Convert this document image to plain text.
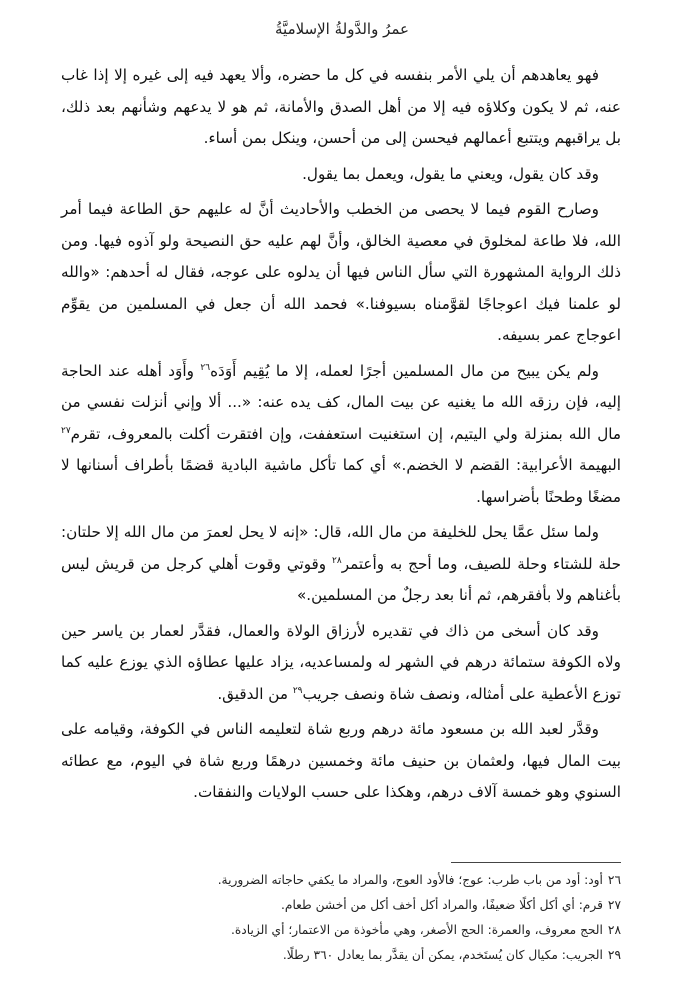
عمرُ والدَّولةُ الإسلاميَّةُ

فهو يعاهدهم أن يلي الأمر بنفسه في كل ما حضره، وألا يعهد فيه إلى غيره إلا إذا غاب عنه، ثم لا يكون وكلاؤه فيه إلا من أهل الصدق والأمانة، ثم هو لا يدعهم وشأنهم بعد ذلك، بل يراقبهم ويتتبع أعمالهم فيحسن إلى من أحسن، وينكل بمن أساء.

وقد كان يقول، ويعني ما يقول، ويعمل بما يقول.

وصارح القوم فيما لا يحصى من الخطب والأحاديث أنَّ له عليهم حق الطاعة فيما أمر الله، فلا طاعة لمخلوق في معصية الخالق، وأنَّ لهم عليه حق النصيحة ولو آذوه فيها. ومن ذلك الرواية المشهورة التي سأل الناس فيها أن يدلوه على عوجه، فقال له أحدهم: «والله لو علمنا فيك اعوجاجًا لقوَّمناه بسيوفنا.» فحمد الله أن جعل في المسلمين من يقوِّم اعوجاج عمر بسيفه.

ولم يكن يبيح من مال المسلمين أجرًا لعمله، إلا ما يُقِيم أَوَدَه$^{٢٦}$ وأَوَد أهله عند الحاجة إليه، فإن رزقه الله ما يغنيه عن بيت المال، كف يده عنه: «... ألا وإني أنزلت نفسي من مال الله بمنزلة ولي اليتيم، إن استغنيت استعففت، وإن افتقرت أكلت بالمعروف، تقرم$^{٢٧}$ البهيمة الأعرابية: القضم لا الخضم.» أي كما تأكل ماشية البادية قضمًا بأطراف أسنانها لا مضغًا وطحنًا بأضراسها.

ولما سئل عمَّا يحل للخليفة من مال الله، قال: «إنه لا يحل لعمرَ من مال الله إلا حلتان: حلة للشتاء وحلة للصيف، وما أحج به وأعتمر$^{٢٨}$ وقوتي وقوت أهلي كرجل من قريش ليس بأغناهم ولا بأفقرهم، ثم أنا بعد رجلٌ من المسلمين.»

وقد كان أسخى من ذاك في تقديره لأرزاق الولاة والعمال، فقدَّر لعمار بن ياسر حين ولاه الكوفة ستمائة درهم في الشهر له ولمساعديه، يزاد عليها عطاؤه الذي يوزع عليه كما توزع الأعطية على أمثاله، ونصف شاة ونصف جريب$^{٢٩}$ من الدقيق.

وقدَّر لعبد الله بن مسعود مائة درهم وربع شاة لتعليمه الناس في الكوفة، وقيامه على بيت المال فيها، ولعثمان بن حنيف مائة وخمسين درهمًا وربع شاة في اليوم، مع عطائه السنوي وهو خمسة آلاف درهم، وهكذا على حسب الولايات والنفقات.

٢٦أود: أود من باب طرب: عوج؛ فالأود العوج، والمراد ما يكفي حاجاته الضرورية.
٢٧قرم: أي أكل أكلًا ضعيفًا، والمراد أكل أخف أكل من أخشن طعام.
٢٨الحج معروف، والعمرة: الحج الأصغر، وهي مأخوذة من الاعتمار؛ أي الزيادة.
٢٩الجريب: مكيال كان يُستَخدم، يمكن أن يقدَّر بما يعادل ٣٦٠ رطلًا.
